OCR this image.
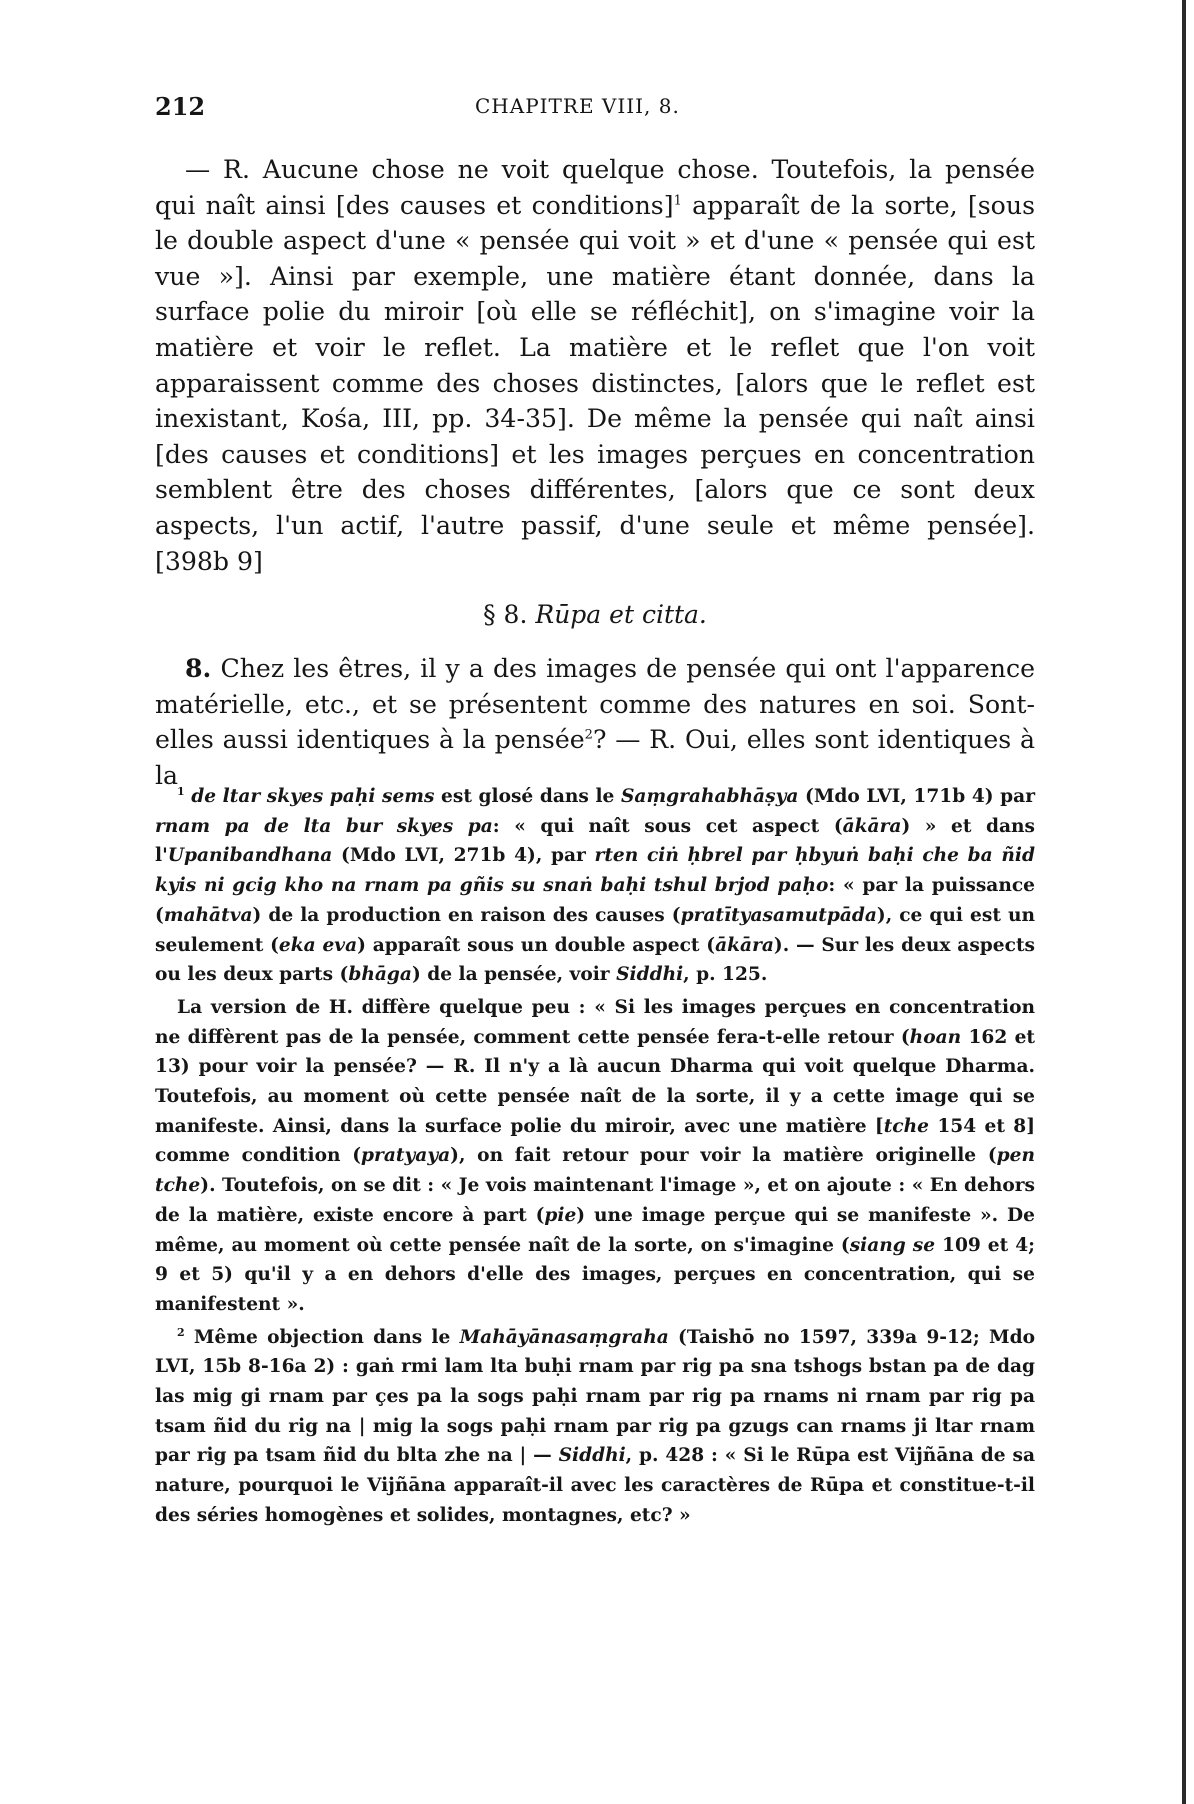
212	CHAPITRE VIII, 8.

— R. Aucune chose ne voit quelque chose. Toutefois, la pensée qui naît ainsi [des causes et conditions]$^1$ apparaît de la sorte, [sous le double aspect d'une « pensée qui voit » et d'une « pensée qui est vue »]. Ainsi par exemple, une matière étant donnée, dans la surface polie du miroir [où elle se réfléchit], on s'imagine voir la matière et voir le reflet. La matière et le reflet que l'on voit apparaissent comme des choses distinctes, [alors que le reflet est inexistant, Kośa, III, pp. 34-35]. De même la pensée qui naît ainsi [des causes et conditions] et les images perçues en concentration semblent être des choses différentes, [alors que ce sont deux aspects, l'un actif, l'autre passif, d'une seule et même pensée]. [398b 9]

§ 8. Rūpa et citta.

8. Chez les êtres, il y a des images de pensée qui ont l'apparence matérielle, etc., et se présentent comme des natures en soi. Sont-elles aussi identiques à la pensée$^2$? — R. Oui, elles sont identiques à la

$^1$ de ltar skyes paḥi sems est glosé dans le Saṃgrahabhāṣya (Mdo LVI, 171b 4) par rnam pa de lta bur skyes pa: « qui naît sous cet aspect (ākāra) » et dans l'Upanibandhana (Mdo LVI, 271b 4), par rten ciṅ ḥbrel par ḥbyuṅ baḥi che ba ñid kyis ni gcig kho na rnam pa gñis su snaṅ baḥi tshul brjod paḥo: « par la puissance (mahātva) de la production en raison des causes (pratītyasamutpāda), ce qui est un seulement (eka eva) apparaît sous un double aspect (ākāra). — Sur les deux aspects ou les deux parts (bhāga) de la pensée, voir Siddhi, p. 125.

La version de H. diffère quelque peu : « Si les images perçues en concentration ne diffèrent pas de la pensée, comment cette pensée fera-t-elle retour (hoan 162 et 13) pour voir la pensée? — R. Il n'y a là aucun Dharma qui voit quelque Dharma. Toutefois, au moment où cette pensée naît de la sorte, il y a cette image qui se manifeste. Ainsi, dans la surface polie du miroir, avec une matière [tche 154 et 8] comme condition (pratyaya), on fait retour pour voir la matière originelle (pen tche). Toutefois, on se dit : « Je vois maintenant l'image », et on ajoute : « En dehors de la matière, existe encore à part (pie) une image perçue qui se manifeste ». De même, au moment où cette pensée naît de la sorte, on s'imagine (siang se 109 et 4; 9 et 5) qu'il y a en dehors d'elle des images, perçues en concentration, qui se manifestent ».

$^2$ Même objection dans le Mahāyānasaṃgraha (Taishō no 1597, 339a 9-12; Mdo LVI, 15b 8-16a 2) : gaṅ rmi lam lta buḥi rnam par rig pa sna tshogs bstan pa de dag las mig gi rnam par çes pa la sogs paḥi rnam par rig pa rnams ni rnam par rig pa tsam ñid du rig na | mig la sogs paḥi rnam par rig pa gzugs can rnams ji ltar rnam par rig pa tsam ñid du blta zhe na | — Siddhi, p. 428 : « Si le Rūpa est Vijñāna de sa nature, pourquoi le Vijñāna apparaît-il avec les caractères de Rūpa et constitue-t-il des séries homogènes et solides, montagnes, etc? »
